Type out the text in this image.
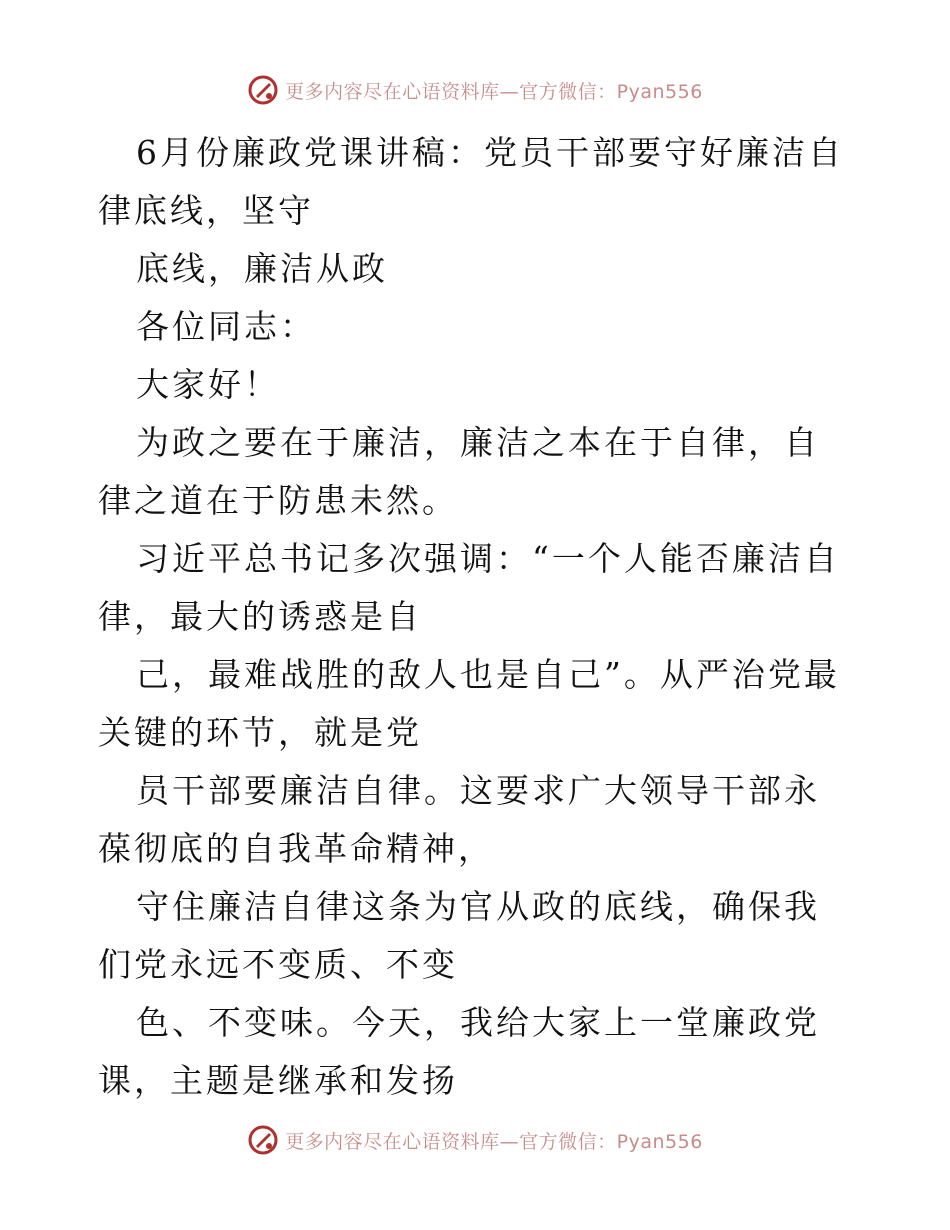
更多内容尽在心语资料库—官方微信：Pyan556

6月份廉政党课讲稿：党员干部要守好廉洁自律底线，坚守

底线，廉洁从政

各位同志：

大家好！

为政之要在于廉洁，廉洁之本在于自律，自律之道在于防患未然。

习近平总书记多次强调：“一个人能否廉洁自律，最大的诱惑是自

己，最难战胜的敌人也是自己”。从严治党最关键的环节，就是党

员干部要廉洁自律。这要求广大领导干部永葆彻底的自我革命精神，

守住廉洁自律这条为官从政的底线，确保我们党永远不变质、不变

色、不变味。今天，我给大家上一堂廉政党课，主题是继承和发扬

更多内容尽在心语资料库—官方微信：Pyan556
